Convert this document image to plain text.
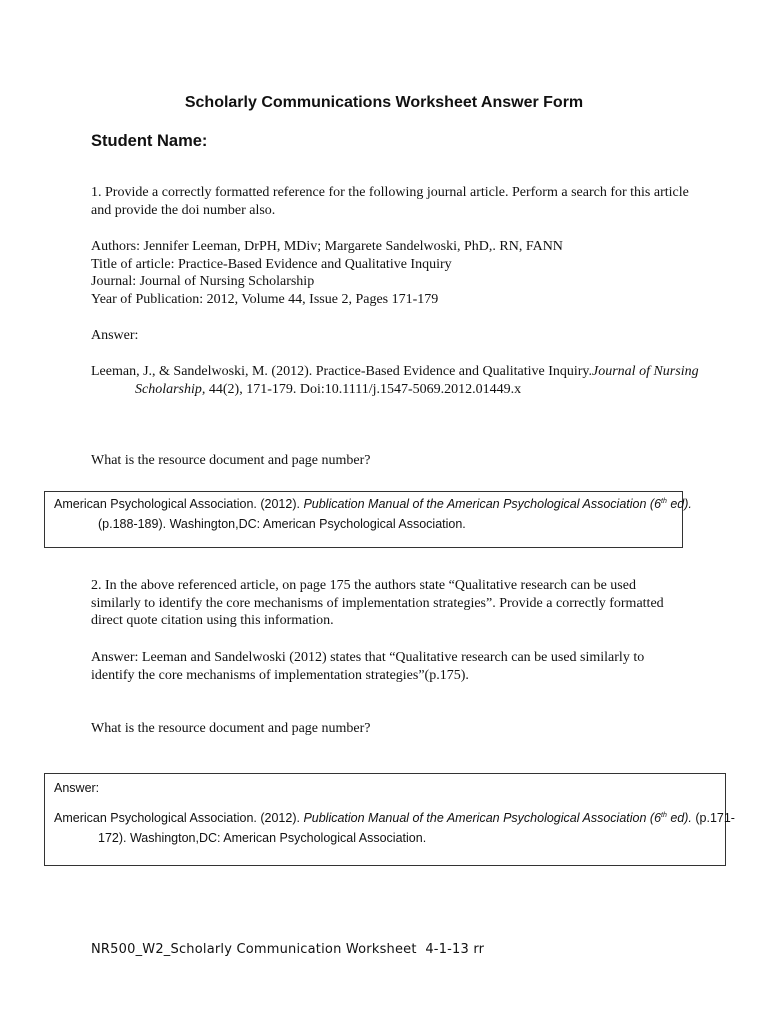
Scholarly Communications Worksheet Answer Form
Student Name:
1. Provide a correctly formatted reference for the following journal article. Perform a search for this article and provide the doi number also.
Authors: Jennifer Leeman, DrPH, MDiv; Margarete Sandelwoski, PhD,. RN, FANN
Title of article: Practice-Based Evidence and Qualitative Inquiry
Journal: Journal of Nursing Scholarship
Year of Publication: 2012, Volume 44, Issue 2, Pages 171-179
Answer:
Leeman, J., & Sandelwoski, M. (2012). Practice-Based Evidence and Qualitative Inquiry.Journal of Nursing Scholarship, 44(2), 171-179. Doi:10.1111/j.1547-5069.2012.01449.x
What is the resource document and page number?
American Psychological Association. (2012). Publication Manual of the American Psychological Association (6th ed). (p.188-189). Washington,DC: American Psychological Association.
2. In the above referenced article, on page 175 the authors state “Qualitative research can be used similarly to identify the core mechanisms of implementation strategies”. Provide a correctly formatted direct quote citation using this information.
Answer: Leeman and Sandelwoski (2012) states that “Qualitative research can be used similarly to identify the core mechanisms of implementation strategies”(p.175).
What is the resource document and page number?
Answer:
American Psychological Association. (2012). Publication Manual of the American Psychological Association (6th ed). (p.171-172). Washington,DC: American Psychological Association.
NR500_W2_Scholarly Communication Worksheet  4-1-13 rr
